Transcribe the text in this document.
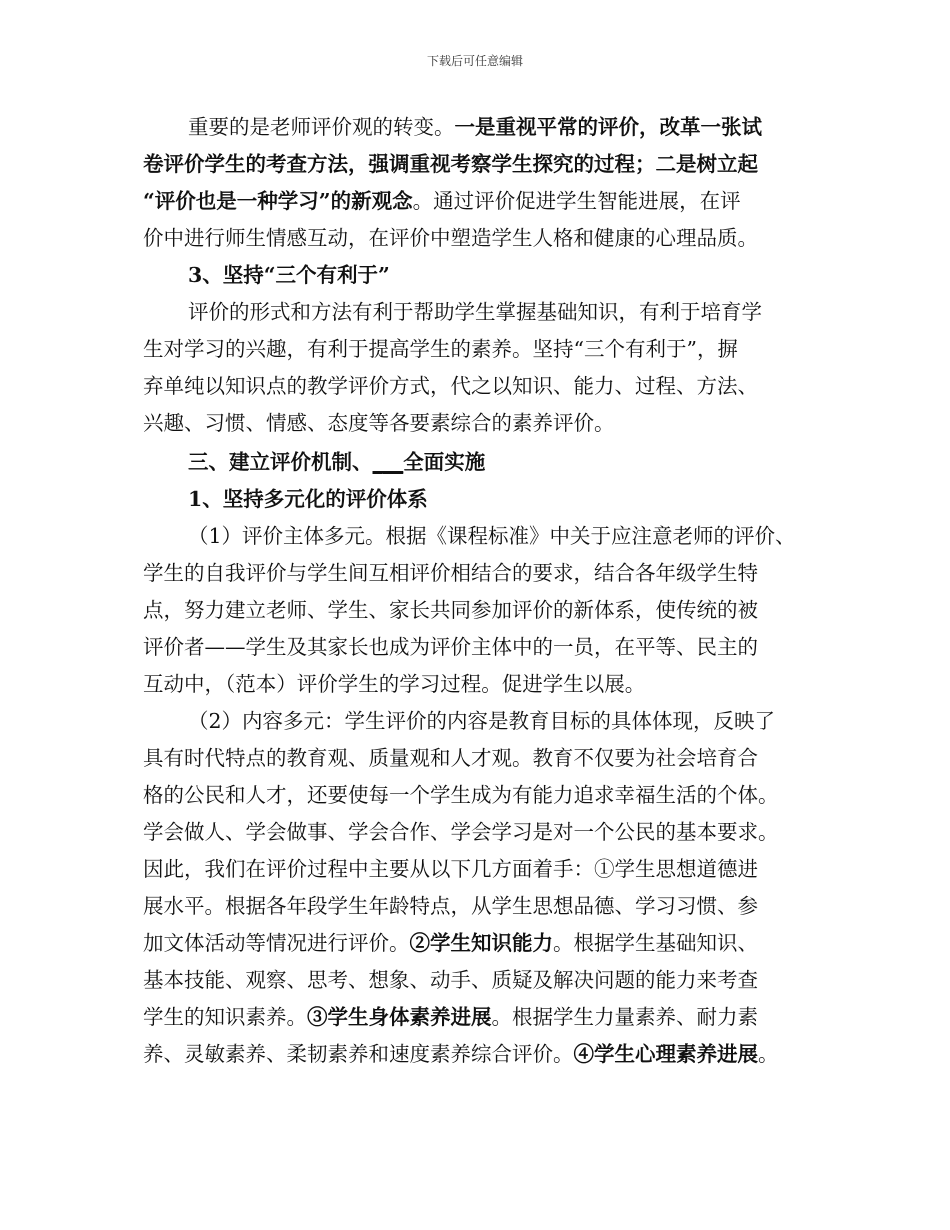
下载后可任意编辑
重要的是老师评价观的转变。一是重视平常的评价，改革一张试
卷评价学生的考查方法，强调重视考察学生探究的过程；二是树立起
“评价也是一种学习”的新观念。通过评价促进学生智能进展，在评
价中进行师生情感互动，在评价中塑造学生人格和健康的心理品质。
3、坚持“三个有利于”
评价的形式和方法有利于帮助学生掌握基础知识，有利于培育学
生对学习的兴趣，有利于提高学生的素养。坚持“三个有利于”，摒
弃单纯以知识点的教学评价方式，代之以知识、能力、过程、方法、
兴趣、习惯、情感、态度等各要素综合的素养评价。
三、建立评价机制、___全面实施
1、坚持多元化的评价体系
（1）评价主体多元。根据《课程标准》中关于应注意老师的评价、
学生的自我评价与学生间互相评价相结合的要求，结合各年级学生特
点，努力建立老师、学生、家长共同参加评价的新体系，使传统的被
评价者——学生及其家长也成为评价主体中的一员，在平等、民主的
互动中，（范本）评价学生的学习过程。促进学生以展。
（2）内容多元：学生评价的内容是教育目标的具体体现，反映了
具有时代特点的教育观、质量观和人才观。教育不仅要为社会培育合
格的公民和人才，还要使每一个学生成为有能力追求幸福生活的个体。
学会做人、学会做事、学会合作、学会学习是对一个公民的基本要求。
因此，我们在评价过程中主要从以下几方面着手：①学生思想道德进
展水平。根据各年段学生年龄特点，从学生思想品德、学习习惯、参
加文体活动等情况进行评价。②学生知识能力。根据学生基础知识、
基本技能、观察、思考、想象、动手、质疑及解决问题的能力来考查
学生的知识素养。③学生身体素养进展。根据学生力量素养、耐力素
养、灵敏素养、柔韧素养和速度素养综合评价。④学生心理素养进展。
